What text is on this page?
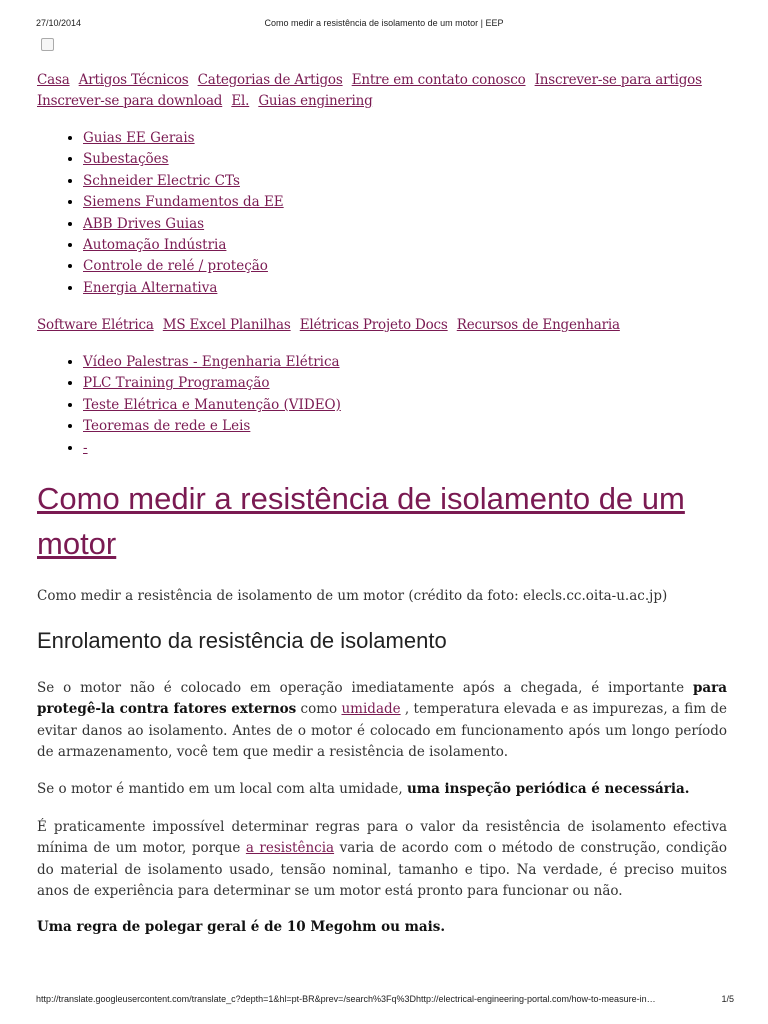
27/10/2014	Como medir a resistência de isolamento de um motor | EEP
Casa Artigos Técnicos Categorias de Artigos Entre em contato conosco Inscrever-se para artigos Inscrever-se para download El. Guias enginering
• Guias EE Gerais
• Subestações
• Schneider Electric CTs
• Siemens Fundamentos da EE
• ABB Drives Guias
• Automação Indústria
• Controle de relé / proteção
• Energia Alternativa
Software Elétrica MS Excel Planilhas Elétricas Projeto Docs Recursos de Engenharia
• Vídeo Palestras - Engenharia Elétrica
• PLC Training Programação
• Teste Elétrica e Manutenção (VIDEO)
• Teoremas de rede e Leis
• -
Como medir a resistência de isolamento de um motor
Como medir a resistência de isolamento de um motor (crédito da foto: elecls.cc.oita-u.ac.jp)
Enrolamento da resistência de isolamento

Se o motor não é colocado em operação imediatamente após a chegada, é importante para protegê-la contra fatores externos como umidade , temperatura elevada e as impurezas, a fim de evitar danos ao isolamento. Antes de o motor é colocado em funcionamento após um longo período de armazenamento, você tem que medir a resistência de isolamento.

Se o motor é mantido em um local com alta umidade, uma inspeção periódica é necessária.

É praticamente impossível determinar regras para o valor da resistência de isolamento efectiva mínima de um motor, porque a resistência varia de acordo com o método de construção, condição do material de isolamento usado, tensão nominal, tamanho e tipo. Na verdade, é preciso muitos anos de experiência para determinar se um motor está pronto para funcionar ou não.

Uma regra de polegar geral é de 10 Megohm ou mais.

http://translate.googleusercontent.com/translate_c?depth=1&hl=pt-BR&prev=/search%3Fq%3Dhttp://electrical-engineering-portal.com/how-to-measure-in…	1/5
